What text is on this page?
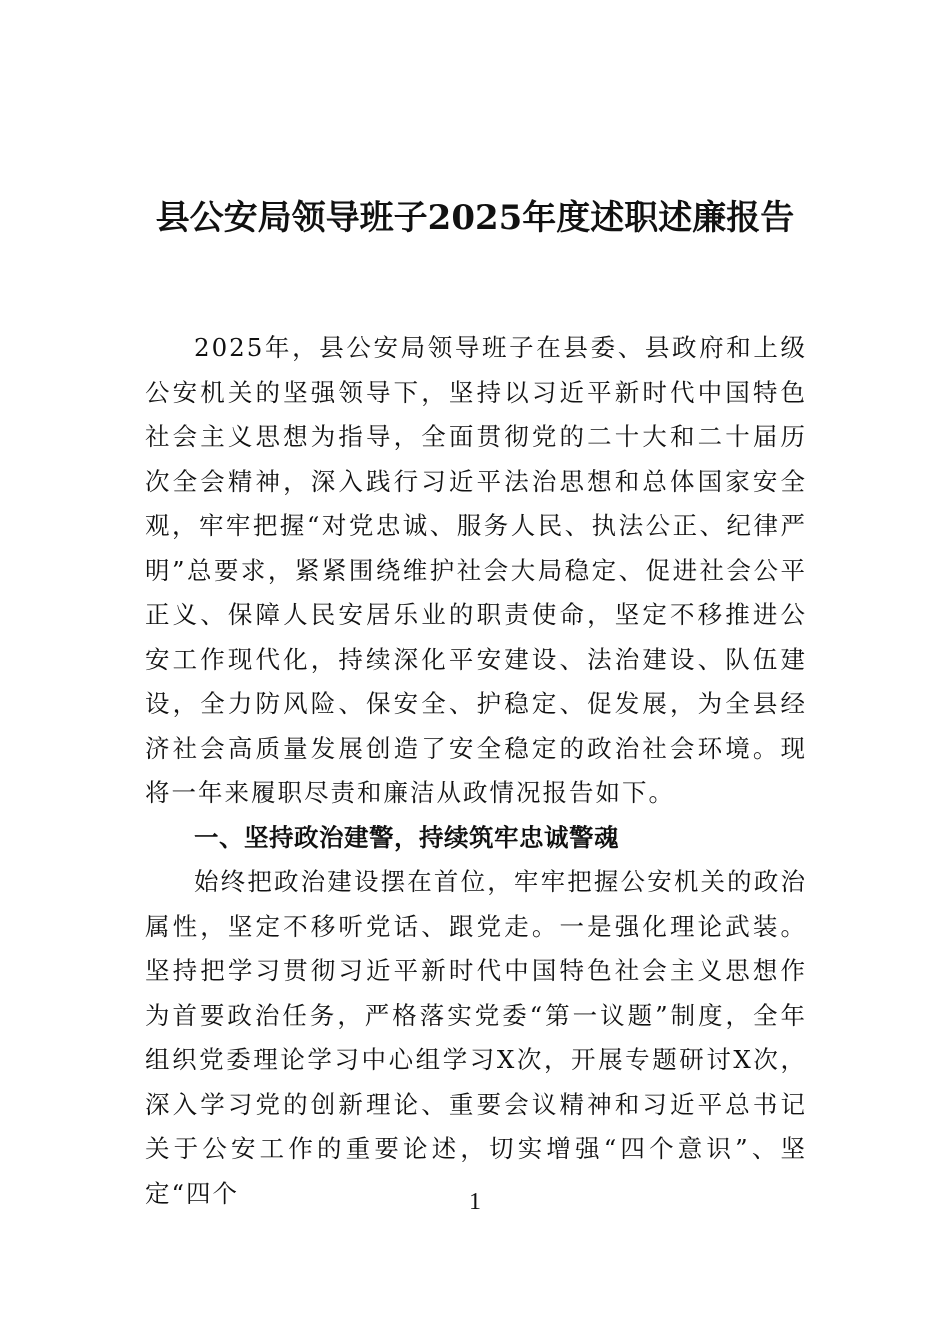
县公安局领导班子2025年度述职述廉报告

2025年，县公安局领导班子在县委、县政府和上级公安机关的坚强领导下，坚持以习近平新时代中国特色社会主义思想为指导，全面贯彻党的二十大和二十届历次全会精神，深入践行习近平法治思想和总体国家安全观，牢牢把握“对党忠诚、服务人民、执法公正、纪律严明”总要求，紧紧围绕维护社会大局稳定、促进社会公平正义、保障人民安居乐业的职责使命，坚定不移推进公安工作现代化，持续深化平安建设、法治建设、队伍建设，全力防风险、保安全、护稳定、促发展，为全县经济社会高质量发展创造了安全稳定的政治社会环境。现将一年来履职尽责和廉洁从政情况报告如下。

一、坚持政治建警，持续筑牢忠诚警魂

始终把政治建设摆在首位，牢牢把握公安机关的政治属性，坚定不移听党话、跟党走。一是强化理论武装。坚持把学习贯彻习近平新时代中国特色社会主义思想作为首要政治任务，严格落实党委“第一议题”制度，全年组织党委理论学习中心组学习X次，开展专题研讨X次，深入学习党的创新理论、重要会议精神和习近平总书记关于公安工作的重要论述，切实增强“四个意识”、坚定“四个	1
